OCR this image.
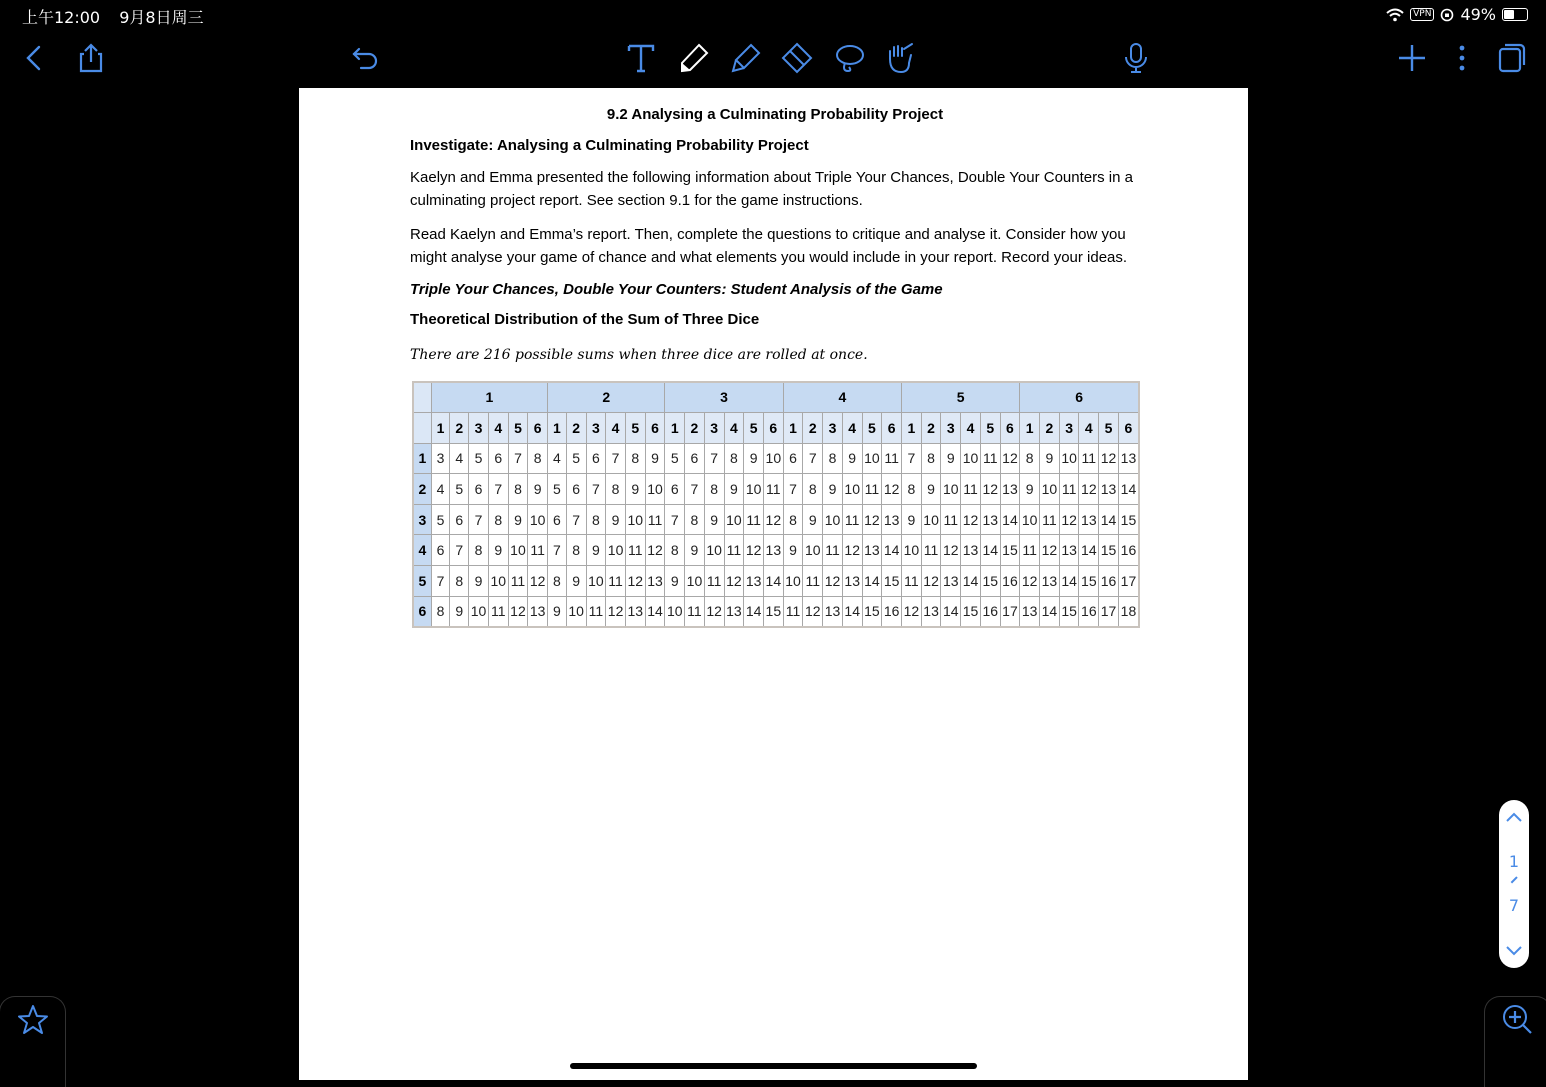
上午12:00 9月8日周三	VPN 49%
9.2 Analysing a Culminating Probability Project
Investigate: Analysing a Culminating Probability Project

Kaelyn and Emma presented the following information about Triple Your Chances, Double Your Counters in a culminating project report. See section 9.1 for the game instructions.

Read Kaelyn and Emma’s report. Then, complete the questions to critique and analyse it. Consider how you might analyse your game of chance and what elements you would include in your report. Record your ideas.

Triple Your Chances, Double Your Counters: Student Analysis of the Game
Theoretical Distribution of the Sum of Three Dice

There are 216 possible sums when three dice are rolled at once.

	1						2						3						4						5						6					
	1	2	3	4	5	6	1	2	3	4	5	6	1	2	3	4	5	6	1	2	3	4	5	6	1	2	3	4	5	6	1	2	3	4	5	6
1	3	4	5	6	7	8	4	5	6	7	8	9	5	6	7	8	9	10	6	7	8	9	10	11	7	8	9	10	11	12	8	9	10	11	12	13
2	4	5	6	7	8	9	5	6	7	8	9	10	6	7	8	9	10	11	7	8	9	10	11	12	8	9	10	11	12	13	9	10	11	12	13	14
3	5	6	7	8	9	10	6	7	8	9	10	11	7	8	9	10	11	12	8	9	10	11	12	13	9	10	11	12	13	14	10	11	12	13	14	15
4	6	7	8	9	10	11	7	8	9	10	11	12	8	9	10	11	12	13	9	10	11	12	13	14	10	11	12	13	14	15	11	12	13	14	15	16
5	7	8	9	10	11	12	8	9	10	11	12	13	9	10	11	12	13	14	10	11	12	13	14	15	11	12	13	14	15	16	12	13	14	15	16	17
6	8	9	10	11	12	13	9	10	11	12	13	14	10	11	12	13	14	15	11	12	13	14	15	16	12	13	14	15	16	17	13	14	15	16	17	18
1
7
